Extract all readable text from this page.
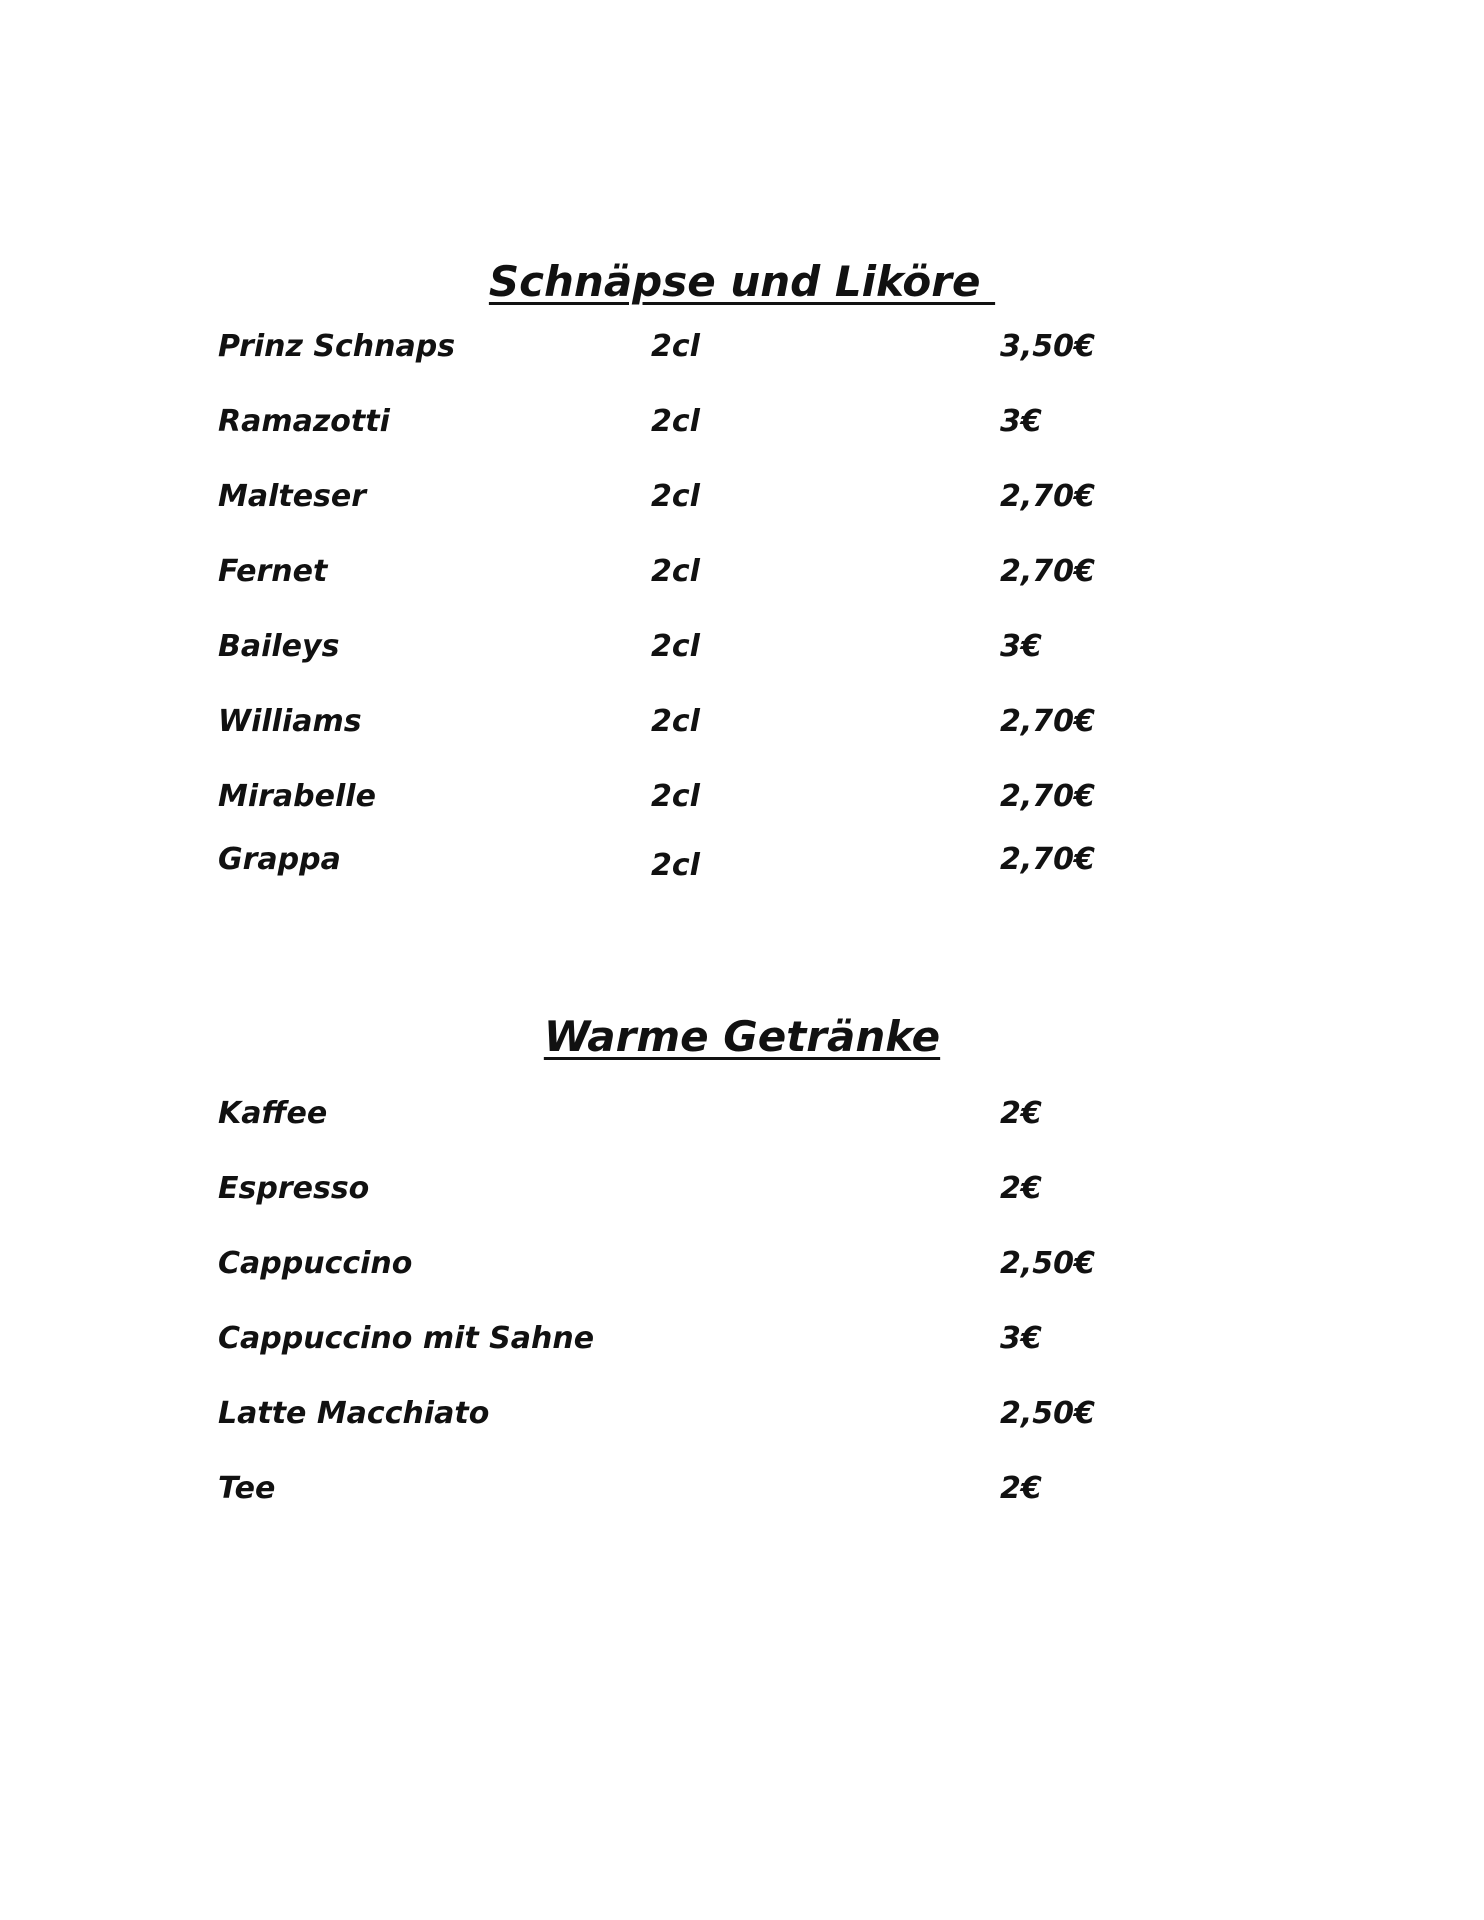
Schnäpse und Liköre
Prinz Schnaps	2cl	3,50€
Ramazotti	2cl	3€
Malteser	2cl	2,70€
Fernet	2cl	2,70€
Baileys	2cl	3€
Williams	2cl	2,70€
Mirabelle	2cl	2,70€
Grappa	2cl	2,70€
Warme Getränke
Kaffee	2€
Espresso	2€
Cappuccino	2,50€
Cappuccino mit Sahne	3€
Latte Macchiato	2,50€
Tee	2€
